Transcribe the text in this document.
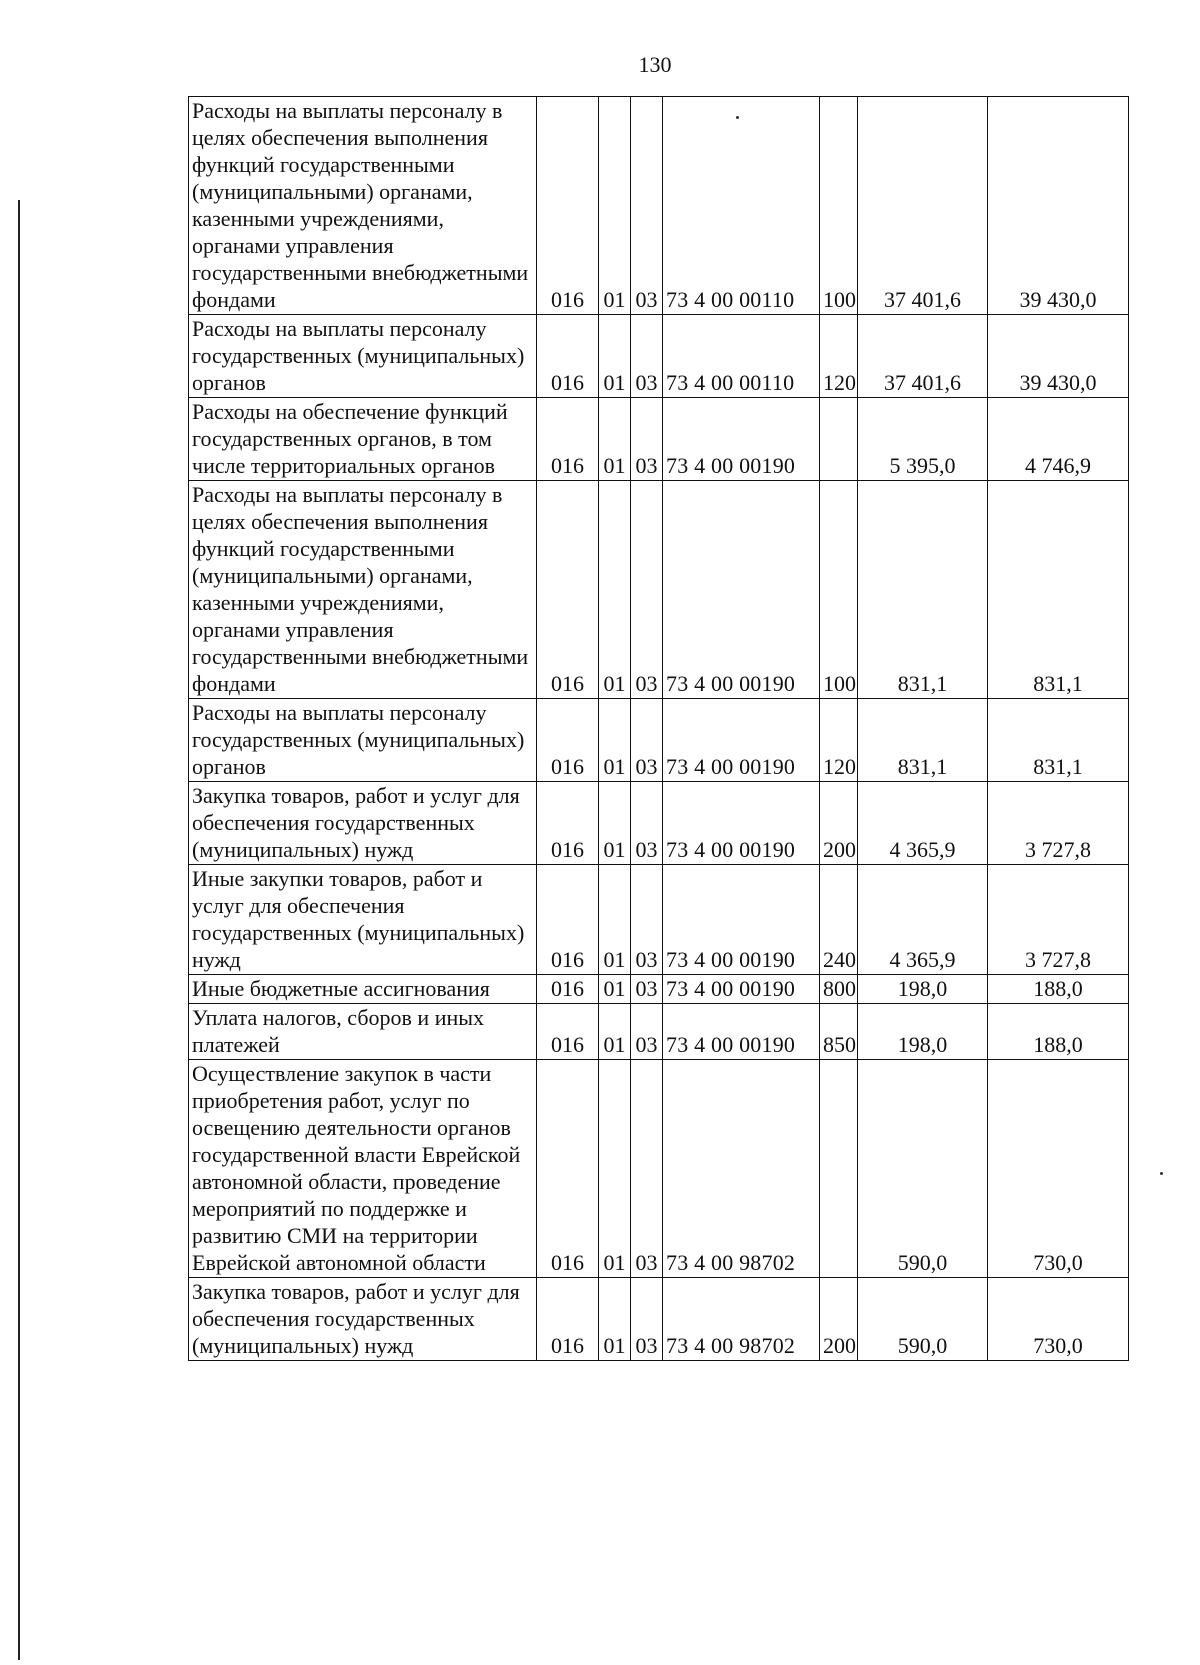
130
Расходы на выплаты персоналу в целях обеспечения выполнения функций государственными (муниципальными) органами, казенными учреждениями, органами управления государственными внебюджетными фондами	016	01	03	73 4 00 00110	100	37 401,6	39 430,0
Расходы на выплаты персоналу государственных (муниципальных) органов	016	01	03	73 4 00 00110	120	37 401,6	39 430,0
Расходы на обеспечение функций государственных органов, в том числе территориальных органов	016	01	03	73 4 00 00190		5 395,0	4 746,9
Расходы на выплаты персоналу в целях обеспечения выполнения функций государственными (муниципальными) органами, казенными учреждениями, органами управления государственными внебюджетными фондами	016	01	03	73 4 00 00190	100	831,1	831,1
Расходы на выплаты персоналу государственных (муниципальных) органов	016	01	03	73 4 00 00190	120	831,1	831,1
Закупка товаров, работ и услуг для обеспечения государственных (муниципальных) нужд	016	01	03	73 4 00 00190	200	4 365,9	3 727,8
Иные закупки товаров, работ и услуг для обеспечения государственных (муниципальных) нужд	016	01	03	73 4 00 00190	240	4 365,9	3 727,8
Иные бюджетные ассигнования	016	01	03	73 4 00 00190	800	198,0	188,0
Уплата налогов, сборов и иных платежей	016	01	03	73 4 00 00190	850	198,0	188,0
Осуществление закупок в части приобретения работ, услуг по освещению деятельности органов государственной власти Еврейской автономной области, проведение мероприятий по поддержке и развитию СМИ на территории Еврейской автономной области	016	01	03	73 4 00 98702		590,0	730,0
Закупка товаров, работ и услуг для обеспечения государственных (муниципальных) нужд	016	01	03	73 4 00 98702	200	590,0	730,0
